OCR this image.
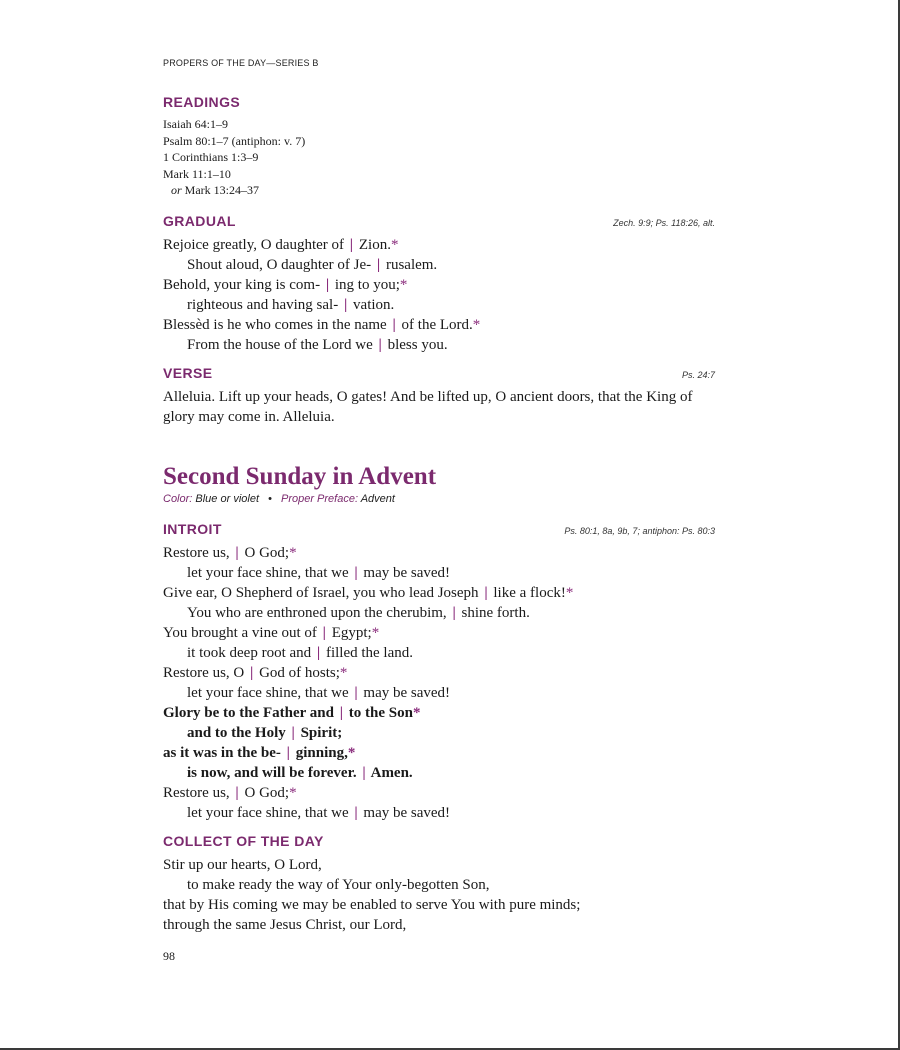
PROPERS OF THE DAY—SERIES B
READINGS
Isaiah 64:1–9
Psalm 80:1–7 (antiphon: v. 7)
1 Corinthians 1:3–9
Mark 11:1–10
or Mark 13:24–37
GRADUAL	Zech. 9:9; Ps. 118:26, alt.
Rejoice greatly, O daughter of | Zion.*
Shout aloud, O daughter of Je- | rusalem.
Behold, your king is com- | ing to you;*
righteous and having sal- | vation.
Blessèd is he who comes in the name | of the Lord.*
From the house of the Lord we | bless you.
VERSE	Ps. 24:7
Alleluia. Lift up your heads, O gates! And be lifted up, O ancient doors, that the King of glory may come in. Alleluia.
Second Sunday in Advent
Color: Blue or violet • Proper Preface: Advent
INTROIT	Ps. 80:1, 8a, 9b, 7; antiphon: Ps. 80:3
Restore us, | O God;*
let your face shine, that we | may be saved!
Give ear, O Shepherd of Israel, you who lead Joseph | like a flock!*
You who are enthroned upon the cherubim, | shine forth.
You brought a vine out of | Egypt;*
it took deep root and | filled the land.
Restore us, O | God of hosts;*
let your face shine, that we | may be saved!
Glory be to the Father and | to the Son*
and to the Holy | Spirit;
as it was in the be- | ginning,*
is now, and will be forever. | Amen.
Restore us, | O God;*
let your face shine, that we | may be saved!
COLLECT OF THE DAY
Stir up our hearts, O Lord,
to make ready the way of Your only-begotten Son,
that by His coming we may be enabled to serve You with pure minds;
through the same Jesus Christ, our Lord,
98
